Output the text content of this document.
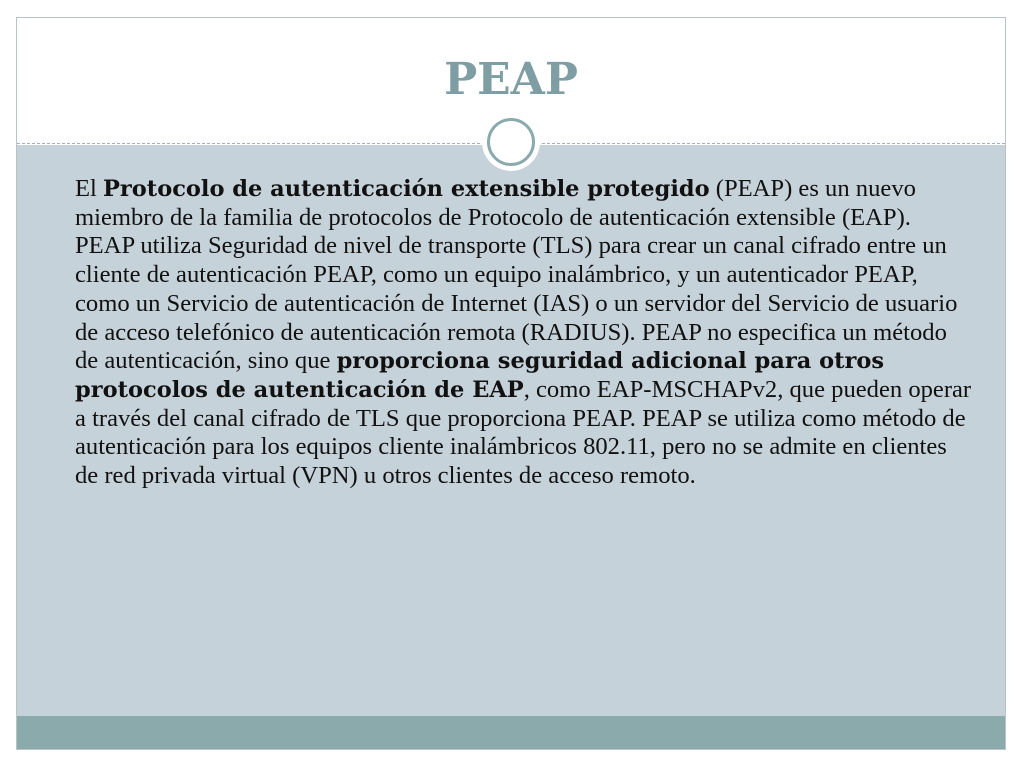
PEAP

El Protocolo de autenticación extensible protegido (PEAP) es un nuevo miembro de la familia de protocolos de Protocolo de autenticación extensible (EAP). PEAP utiliza Seguridad de nivel de transporte (TLS) para crear un canal cifrado entre un cliente de autenticación PEAP, como un equipo inalámbrico, y un autenticador PEAP, como un Servicio de autenticación de Internet (IAS) o un servidor del Servicio de usuario de acceso telefónico de autenticación remota (RADIUS). PEAP no especifica un método de autenticación, sino que proporciona seguridad adicional para otros protocolos de autenticación de EAP, como EAP-MSCHAPv2, que pueden operar a través del canal cifrado de TLS que proporciona PEAP. PEAP se utiliza como método de autenticación para los equipos cliente inalámbricos 802.11, pero no se admite en clientes de red privada virtual (VPN) u otros clientes de acceso remoto.
